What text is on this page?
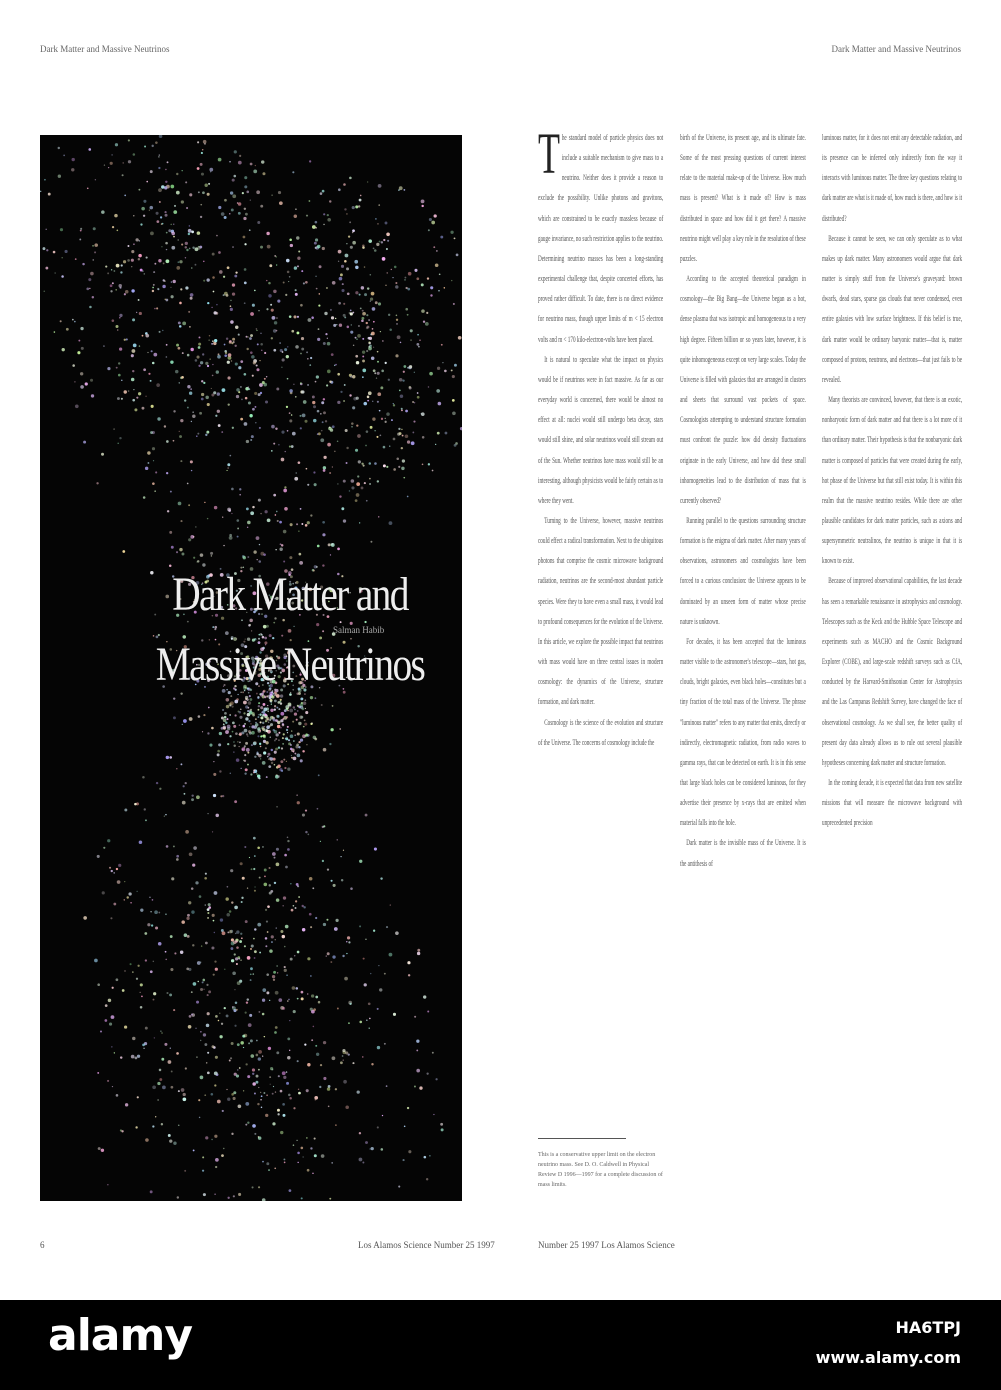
Dark Matter and Massive Neutrinos	Dark Matter and Massive Neutrinos
Dark Matter and
Massive Neutrinos
Salman Habib
T he standard model of particle physics does not include a suitable mechanism to give mass to a neutrino. Neither does it provide a reason to exclude the possibility. Unlike photons and gravitons, which are constrained to be exactly massless because of gauge invariance, no such restriction applies to the neutrino. Determining neutrino masses has been a long-standing experimental challenge that, despite concerted efforts, has proved rather difficult. To date, there is no direct evidence for neutrino mass, though upper limits of m < 15 electron volts and m < 170 kilo-electron-volts have been placed.

It is natural to speculate what the impact on physics would be if neutrinos were in fact massive. As far as our everyday world is concerned, there would be almost no effect at all: nuclei would still undergo beta decay, stars would still shine, and solar neutrinos would still stream out of the Sun. Whether neutrinos have mass would still be an interesting, although physicists would be fairly certain as to where they went.

Turning to the Universe, however, massive neutrinos could effect a radical transformation. Next to the ubiquitous photons that comprise the cosmic microwave background radiation, neutrinos are the second-most abundant particle species. Were they to have even a small mass, it would lead to profound consequences for the evolution of the Universe. In this article, we explore the possible impact that neutrinos with mass would have on three central issues in modern cosmology: the dynamics of the Universe, structure formation, and dark matter.

Cosmology is the science of the evolution and structure of the Universe. The concerns of cosmology include the

birth of the Universe, its present age, and its ultimate fate. Some of the most pressing questions of current interest relate to the material make-up of the Universe. How much mass is present? What is it made of? How is mass distributed in space and how did it get there? A massive neutrino might well play a key role in the resolution of these puzzles.

According to the accepted theoretical paradigm in cosmology—the Big Bang—the Universe began as a hot, dense plasma that was isotropic and homogeneous to a very high degree. Fifteen billion or so years later, however, it is quite inhomogeneous except on very large scales. Today the Universe is filled with galaxies that are arranged in clusters and sheets that surround vast pockets of space. Cosmologists attempting to understand structure formation must confront the puzzle: how did density fluctuations originate in the early Universe, and how did these small inhomogeneities lead to the distribution of mass that is currently observed?

Running parallel to the questions surrounding structure formation is the enigma of dark matter. After many years of observations, astronomers and cosmologists have been forced to a curious conclusion: the Universe appears to be dominated by an unseen form of matter whose precise nature is unknown.

For decades, it has been accepted that the luminous matter visible to the astronomer's telescope—stars, hot gas, clouds, bright galaxies, even black holes—constitutes but a tiny fraction of the total mass of the Universe. The phrase "luminous matter" refers to any matter that emits, directly or indirectly, electromagnetic radiation, from radio waves to gamma rays, that can be detected on earth. It is in this sense that large black holes can be considered luminous, for they advertise their presence by x-rays that are emitted when material falls into the hole.

Dark matter is the invisible mass of the Universe. It is the antithesis of

luminous matter, for it does not emit any detectable radiation, and its presence can be inferred only indirectly from the way it interacts with luminous matter. The three key questions relating to dark matter are what is it made of, how much is there, and how is it distributed?

Because it cannot be seen, we can only speculate as to what makes up dark matter. Many astronomers would argue that dark matter is simply stuff from the Universe's graveyard: brown dwarfs, dead stars, sparse gas clouds that never condensed, even entire galaxies with low surface brightness. If this belief is true, dark matter would be ordinary baryonic matter—that is, matter composed of protons, neutrons, and electrons—that just fails to be revealed.

Many theorists are convinced, however, that there is an exotic, nonbaryonic form of dark matter and that there is a lot more of it than ordinary matter. Their hypothesis is that the nonbaryonic dark matter is composed of particles that were created during the early, hot phase of the Universe but that still exist today. It is within this realm that the massive neutrino resides. While there are other plausible candidates for dark matter particles, such as axions and supersymmetric neutralinos, the neutrino is unique in that it is known to exist.

Because of improved observational capabilities, the last decade has seen a remarkable renaissance in astrophysics and cosmology. Telescopes such as the Keck and the Hubble Space Telescope and experiments such as MACHO and the Cosmic Background Explorer (COBE), and large-scale redshift surveys such as CfA, conducted by the Harvard-Smithsonian Center for Astrophysics and the Las Campanas Redshift Survey, have changed the face of observational cosmology. As we shall see, the better quality of present day data already allows us to rule out several plausible hypotheses concerning dark matter and structure formation.

In the coming decade, it is expected that data from new satellite missions that will measure the microwave background with unprecedented precision

This is a conservative upper limit on the electron neutrino mass. See D. O. Caldwell in Physical Review D 1996—1997 for a complete discussion of mass limits.
6	Los Alamos Science Number 25 1997	Number 25 1997 Los Alamos Science
alamy	HA6TPJ
www.alamy.com
